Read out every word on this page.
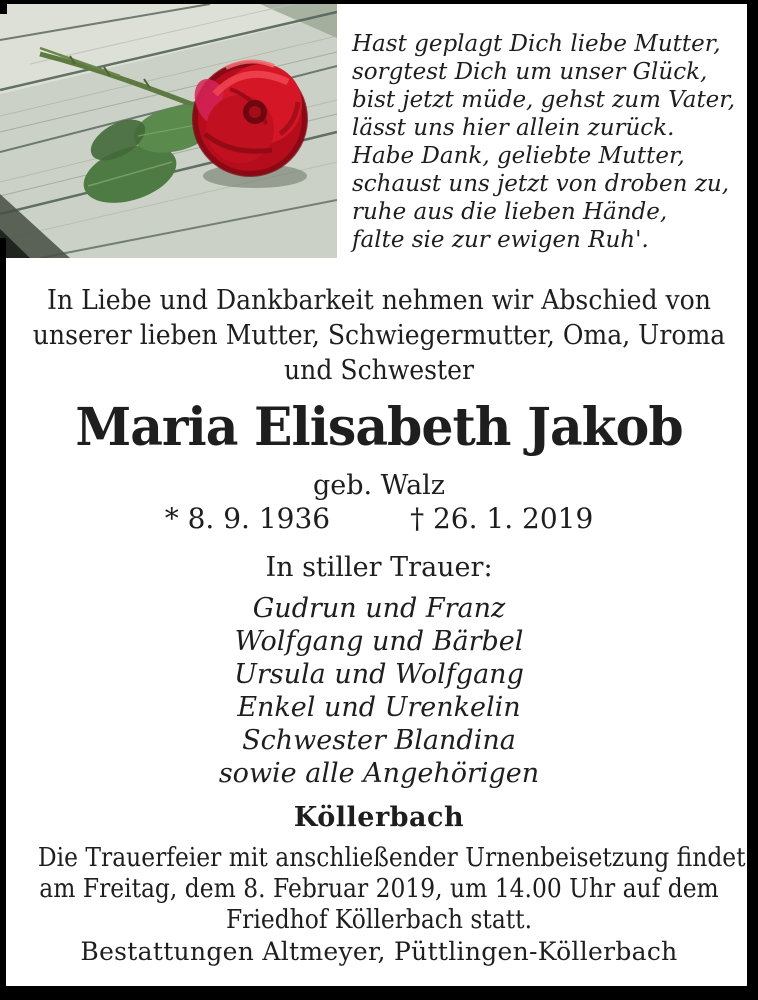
Hast geplagt Dich liebe Mutter,
sorgtest Dich um unser Glück,
bist jetzt müde, gehst zum Vater,
lässt uns hier allein zurück.
Habe Dank, geliebte Mutter,
schaust uns jetzt von droben zu,
ruhe aus die lieben Hände,
falte sie zur ewigen Ruh'.
In Liebe und Dankbarkeit nehmen wir Abschied von
unserer lieben Mutter, Schwiegermutter, Oma, Uroma
und Schwester
Maria Elisabeth Jakob
geb. Walz
* 8. 9. 1936	† 26. 1. 2019
In stiller Trauer:
Gudrun und Franz
Wolfgang und Bärbel
Ursula und Wolfgang
Enkel und Urenkelin
Schwester Blandina
sowie alle Angehörigen
Köllerbach
Die Trauerfeier mit anschließender Urnenbeisetzung findet
am Freitag, dem 8. Februar 2019, um 14.00 Uhr auf dem
Friedhof Köllerbach statt.
Bestattungen Altmeyer, Püttlingen-Köllerbach
